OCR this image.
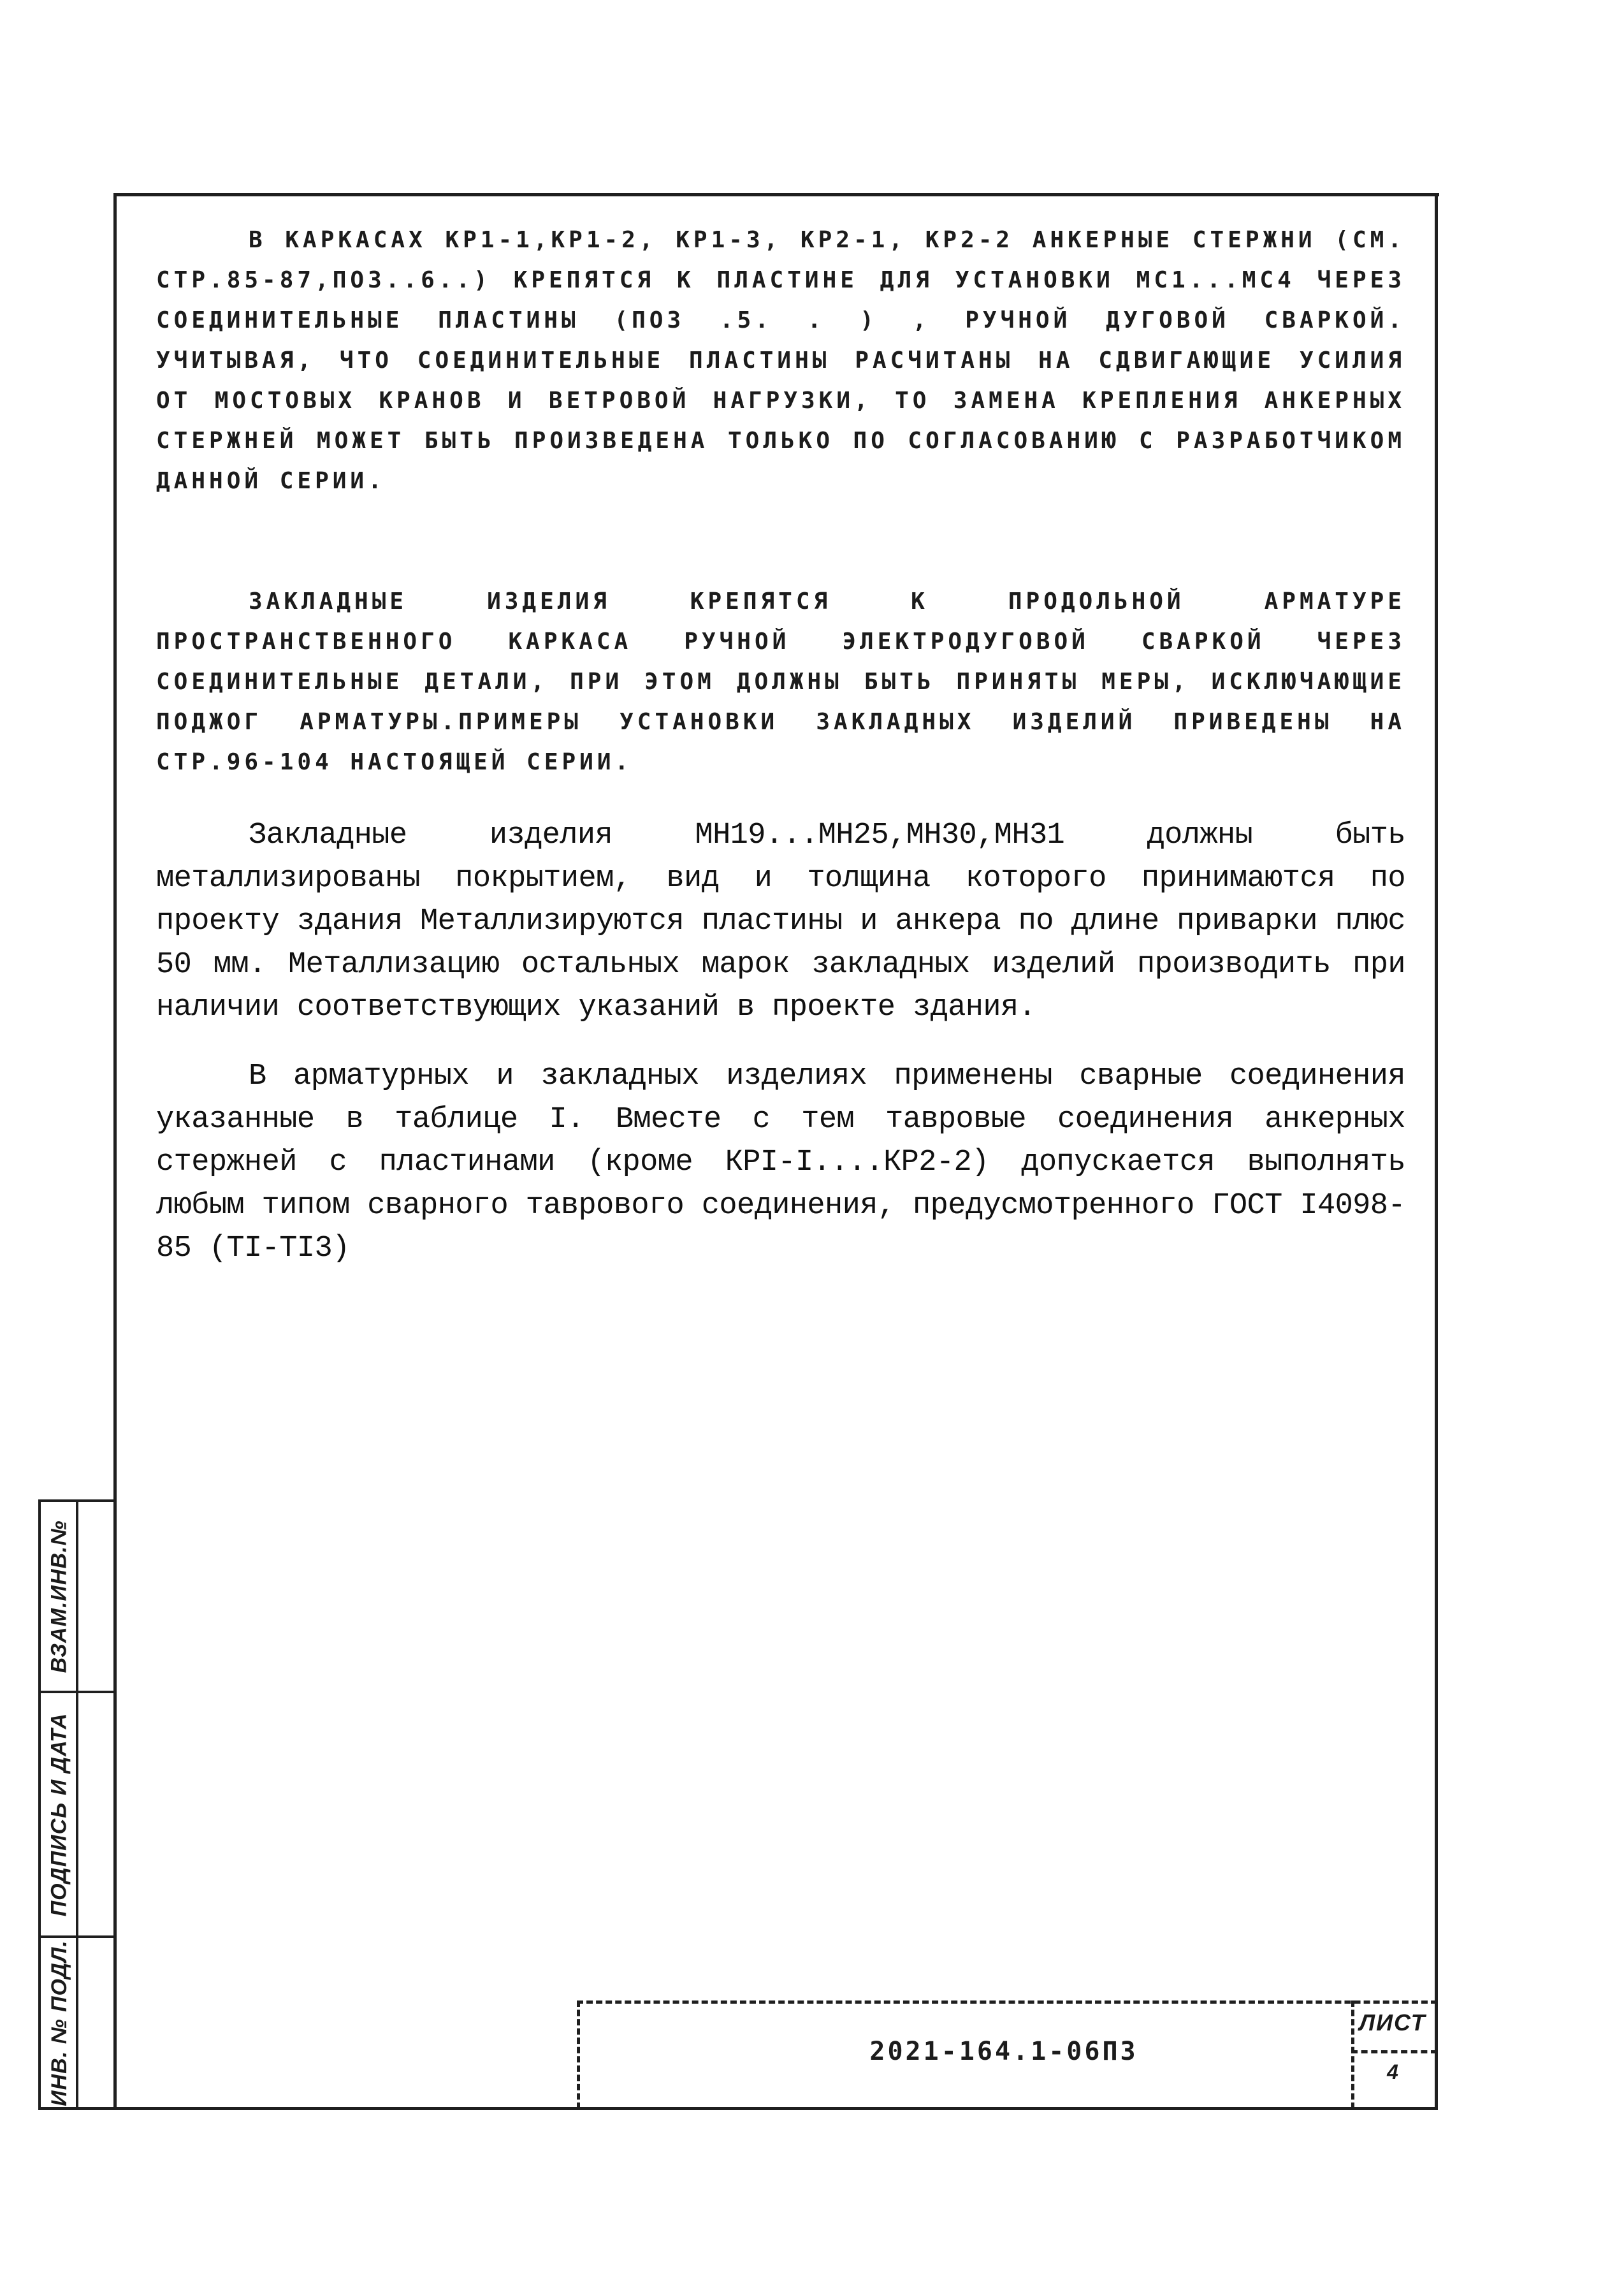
В КАРКАСАХ КР1-1,КР1-2, КР1-3, КР2-1, КР2-2 АНКЕРНЫЕ СТЕРЖНИ (СМ. СТР.85-87,ПОЗ..6..) КРЕПЯТСЯ К ПЛАСТИНЕ ДЛЯ УСТАНОВКИ МС1...МС4 ЧЕРЕЗ СОЕДИНИТЕЛЬНЫЕ ПЛАСТИНЫ (ПОЗ .5. . ) , РУЧНОЙ ДУГОВОЙ СВАРКОЙ. УЧИТЫВАЯ, ЧТО СОЕДИНИТЕЛЬНЫЕ ПЛАСТИНЫ РАСЧИТАНЫ НА СДВИГАЮЩИЕ УСИЛИЯ ОТ МОСТОВЫХ КРАНОВ И ВЕТРОВОЙ НАГРУЗКИ, ТО ЗАМЕНА КРЕПЛЕНИЯ АНКЕРНЫХ СТЕРЖНЕЙ МОЖЕТ БЫТЬ ПРОИЗВЕДЕНА ТОЛЬКО ПО СОГЛАСОВАНИЮ С РАЗРАБОТЧИКОМ ДАННОЙ СЕРИИ.
ЗАКЛАДНЫЕ ИЗДЕЛИЯ КРЕПЯТСЯ К ПРОДОЛЬНОЙ АРМАТУРЕ ПРОСТРАНСТВЕННОГО КАРКАСА РУЧНОЙ ЭЛЕКТРОДУГОВОЙ СВАРКОЙ ЧЕРЕЗ СОЕДИНИТЕЛЬНЫЕ ДЕТАЛИ, ПРИ ЭТОМ ДОЛЖНЫ БЫТЬ ПРИНЯТЫ МЕРЫ, ИСКЛЮЧАЮЩИЕ ПОДЖОГ АРМАТУРЫ.ПРИМЕРЫ УСТАНОВКИ ЗАКЛАДНЫХ ИЗДЕЛИЙ ПРИВЕДЕНЫ НА СТР.96-104 НАСТОЯЩЕЙ СЕРИИ.
Закладные изделия МН19...МН25,МН30,МН31 должны быть металлизированы покрытием, вид и толщина которого принимаются по проекту здания Металлизируются пластины и анкера по длине приварки плюс 50 мм. Металлизацию остальных марок закладных изделий производить при наличии соответствующих указаний в проекте здания.
В арматурных и закладных изделиях применены сварные соединения указанные в таблице I. Вместе с тем тавровые соединения анкерных стержней с пластинами (кроме КРI-I....КР2-2) допускается выполнять любым типом сварного таврового соединения, предусмотренного ГОСТ I4098-85 (TI-TI3)
ВЗАМ.ИНВ.№
ПОДПИСЬ И ДАТА
ИНВ. № ПОДЛ.	2021-164.1-06ПЗ
ЛИСТ
4
